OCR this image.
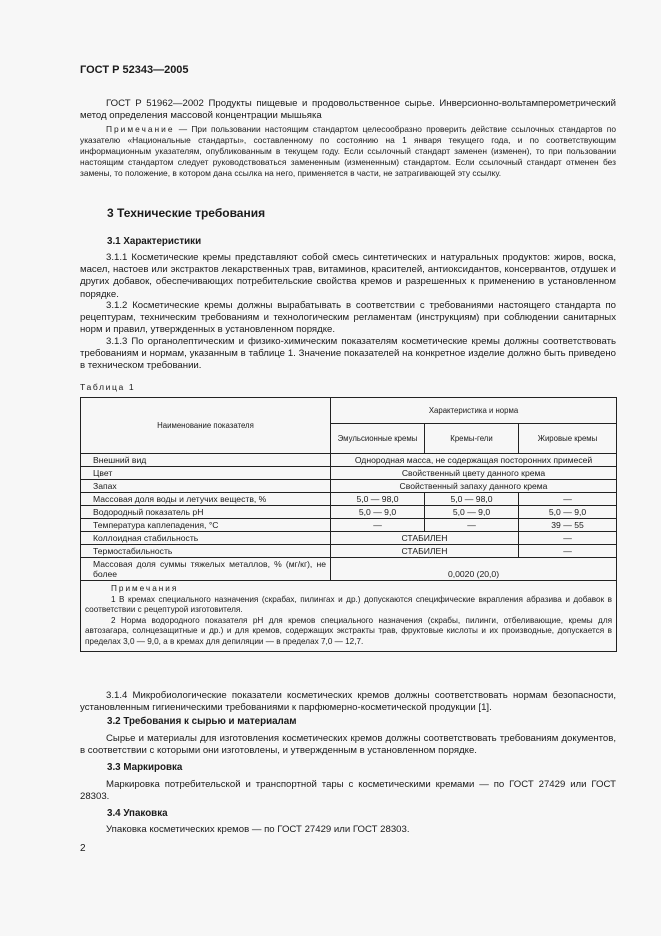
ГОСТ Р 52343—2005
ГОСТ Р 51962—2002 Продукты пищевые и продовольственное сырье. Инверсионно-вольтамперометрический метод определения массовой концентрации мышьяка
Примечание — При пользовании настоящим стандартом целесообразно проверить действие ссылочных стандартов по указателю «Национальные стандарты», составленному по состоянию на 1 января текущего года, и по соответствующим информационным указателям, опубликованным в текущем году. Если ссылочный стандарт заменен (изменен), то при пользовании настоящим стандартом следует руководствоваться замененным (измененным) стандартом. Если ссылочный стандарт отменен без замены, то положение, в котором дана ссылка на него, применяется в части, не затрагивающей эту ссылку.
3 Технические требования
3.1 Характеристики
3.1.1 Косметические кремы представляют собой смесь синтетических и натуральных продуктов: жиров, воска, масел, настоев или экстрактов лекарственных трав, витаминов, красителей, антиоксидантов, консервантов, отдушек и других добавок, обеспечивающих потребительские свойства кремов и разрешенных к применению в установленном порядке.
3.1.2 Косметические кремы должны вырабатывать в соответствии с требованиями настоящего стандарта по рецептурам, техническим требованиям и технологическим регламентам (инструкциям) при соблюдении санитарных норм и правил, утвержденных в установленном порядке.
3.1.3 По органолептическим и физико-химическим показателям косметические кремы должны соответствовать требованиям и нормам, указанным в таблице 1. Значение показателей на конкретное изделие должно быть приведено в техническом требовании.
Таблица 1
Наименование показателя	Характеристика и норма		
	Эмульсионные кремы	Кремы-гели	Жировые кремы
Внешний вид	Однородная масса, не содержащая посторонних примесей		
Цвет	Свойственный цвету данного крема		
Запах	Свойственный запаху данного крема		
Массовая доля воды и летучих веществ, %	5,0 — 98,0	5,0 — 98,0	—
Водородный показатель pH	5,0 — 9,0	5,0 — 9,0	5,0 — 9,0
Температура каплепадения, °С	—	—	39 — 55
Коллоидная стабильность	СТАБИЛЕН		—
Термостабильность	СТАБИЛЕН		—
Массовая доля суммы тяжелых металлов, % (мг/кг), не более	0,0020 (20,0)		

Примечания
1 В кремах специального назначения (скрабах, пилингах и др.) допускаются специфические вкрапления абразива и добавок в соответствии с рецептурой изготовителя.
2 Норма водородного показателя pH для кремов специального назначения (скрабы, пилинги, отбеливающие, кремы для автозагара, солнцезащитные и др.) и для кремов, содержащих экстракты трав, фруктовые кислоты и их производные, допускается в пределах 3,0 — 9,0, а в кремах для депиляции — в пределах 7,0 — 12,7.			
3.1.4 Микробиологические показатели косметических кремов должны соответствовать нормам безопасности, установленным гигиеническими требованиями к парфюмерно-косметической продукции [1].
3.2 Требования к сырью и материалам
Сырье и материалы для изготовления косметических кремов должны соответствовать требованиям документов, в соответствии с которыми они изготовлены, и утвержденным в установленном порядке.
3.3 Маркировка
Маркировка потребительской и транспортной тары с косметическими кремами — по ГОСТ 27429 или ГОСТ 28303.
3.4 Упаковка
Упаковка косметических кремов — по ГОСТ 27429 или ГОСТ 28303.
2
